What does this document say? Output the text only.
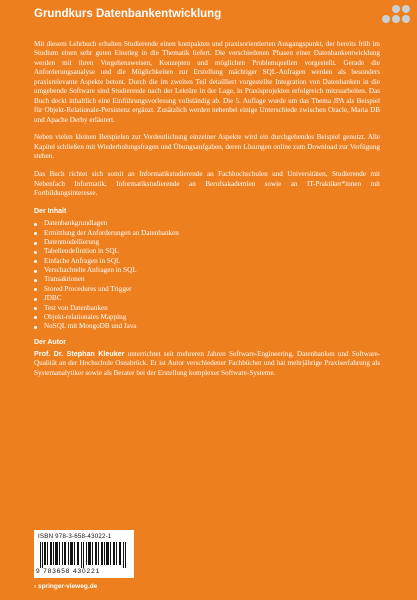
Grundkurs Datenbankentwicklung

Mit diesem Lehrbuch erhalten Studierende einen kompakten und praxisorientierten Ausgangspunkt, der bereits früh im Studium einen sehr guten Einstieg in die Thematik liefert. Die verschiedenen Phasen einer Datenbankentwicklung werden mit ihren Vorgehensweisen, Konzepten und möglichen Problemquellen vorgestellt. Gerade die Anforderungsanalyse und die Möglichkeiten zur Erstellung mächtiger SQL-Anfragen werden als besonders praxisrelevante Aspekte betont. Durch die im zweiten Teil detailliert vorgestellte Integration von Datenbanken in die umgebende Software sind Studierende nach der Lektüre in der Lage, in Praxisprojekten erfolgreich mitzuarbeiten. Das Buch deckt inhaltlich eine Einführungsvorlesung vollständig ab. Die 5. Auflage wurde um das Thema JPA als Beispiel für Objekt-Relationale-Persistenz ergänzt. Zusätzlich werden nebenbei einige Unterschiede zwischen Oracle, Maria DB und Apache Derby erläutert.

Neben vielen kleinen Beispielen zur Verdeutlichung einzelner Aspekte wird ein durchgehendes Beispiel genutzt. Alle Kapitel schließen mit Wiederholungsfragen und Übungsaufgaben, deren Lösungen online zum Download zur Verfügung stehen.

Das Buch richtet sich somit an Informatikstudierende an Fachhochschulen und Universitäten, Studierende mit Nebenfach Informatik, Informatikstudierende an Berufsakademien sowie an IT-Praktiker*innen mit Fortbildungsinteresse.

Der Inhalt
Datenbankgrundlagen
Ermittlung der Anforderungen an Datenbanken
Datenmodellierung
Tabellendefinition in SQL
Einfache Anfragen in SQL
Verschachtelte Anfragen in SQL
Transaktionen
Stored Procedures und Trigger
JDBC
Test von Datenbanken
Objekt-relationales Mapping
NoSQL mit MongoDB und Java
Der Autor

Prof. Dr. Stephan Kleuker unterrichtet seit mehreren Jahren Software-Engineering, Datenbanken und Software-Qualität an der Hochschule Osnabrück. Er ist Autor verschiedener Fachbücher und hat mehrjährige Praxiserfahrung als Systemanalytiker sowie als Berater bei der Erstellung komplexer Software-Systeme.

ISBN 978-3-658-43022-1
9 783658 430221
› springer-vieweg.de
